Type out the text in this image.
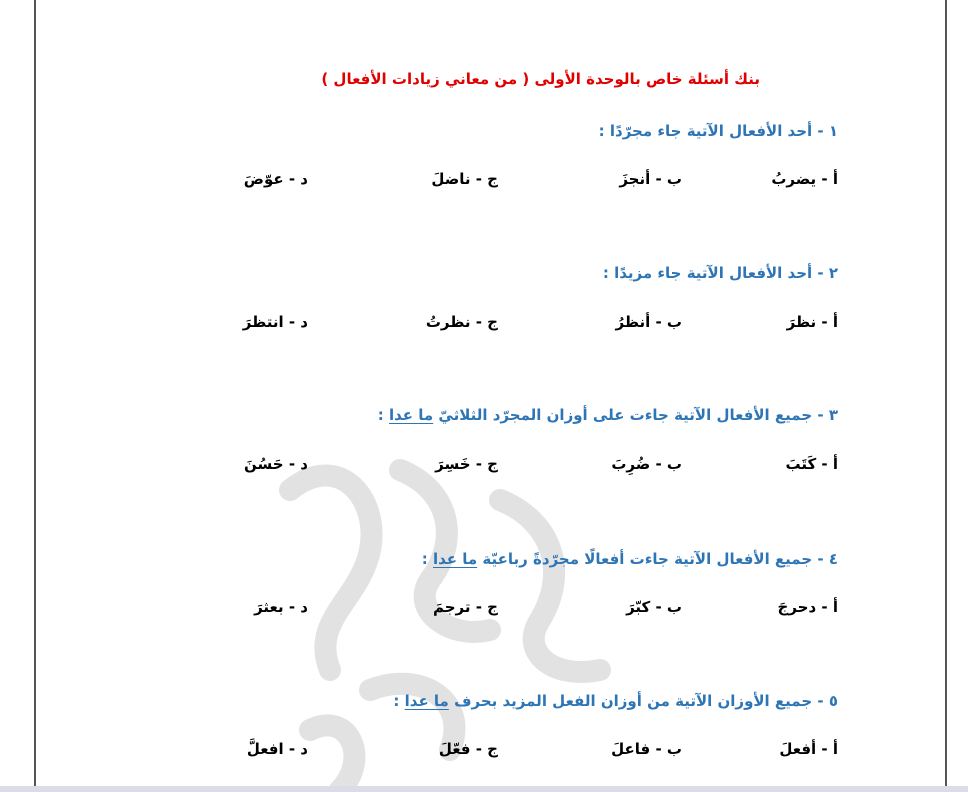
بنك أسئلة خاص بالوحدة الأولى ( من معاني زيادات الأفعال )
١ - أحد الأفعال الآتية جاء مجرّدًا :
أ - يضربُ
ب - أنجزَ
ج - ناضلَ
د - عوّضَ
٢ - أحد الأفعال الآتية جاء مزيدًا :
أ - نظرَ
ب - أنظرُ
ج - نظرتُ
د - انتظرَ
٣ - جميع الأفعال الآتية جاءت على أوزان المجرّد الثلاثيّ ما عدا :
أ - كَتَبَ
ب - ضُرِبَ
ج - خَسِرَ
د - حَسُنَ
٤ - جميع الأفعال الآتية جاءت أفعالًا مجرّدةً رباعيّة ما عدا :
أ - دحرجَ
ب - كبّرَ
ج - ترجمَ
د - بعثرَ
٥ - جميع الأوزان الآتية من أوزان الفعل المزيد بحرف ما عدا :
أ - أفعلَ
ب - فاعلَ
ج - فعّلَ
د - افعلَّ
